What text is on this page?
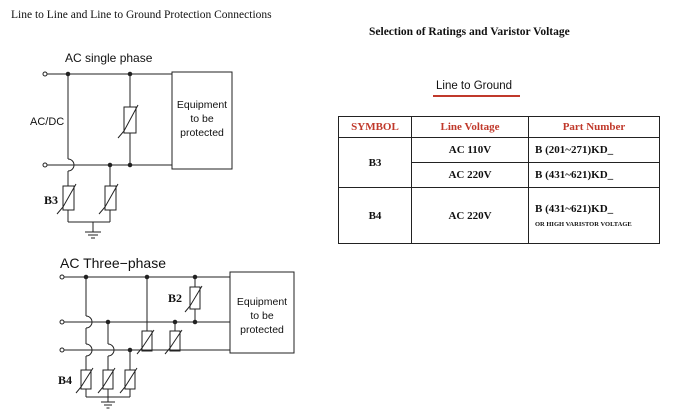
Line to Line and Line to Ground Protection Connections
Selection of Ratings and Varistor Voltage
Line to Ground
AC single phase
AC/DC
Equipment
to be
protected
B3
AC Three−phase
Equipment
to be
protected
B2
B4
SYMBOL	Line Voltage	Part Number
B3	AC 110V	B (201~271)KD_
	AC 220V	B (431~621)KD_
B4	AC 220V	B (431~621)KD_
OR HIGH VARISTOR VOLTAGE
